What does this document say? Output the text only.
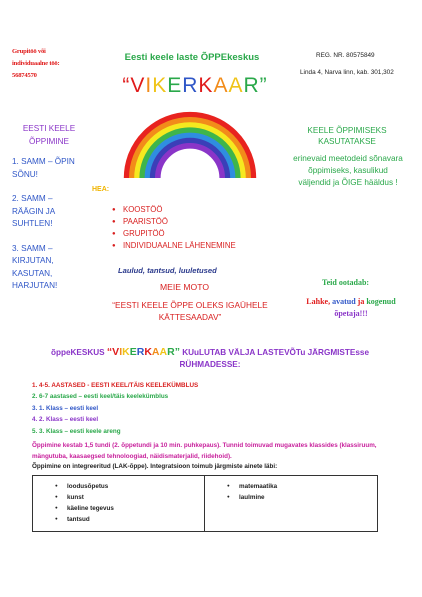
Grupitöö või
individuaalne töö:
56874570
Eesti keele laste ÕPPEkeskus	REG. NR. 80575849
Linda 4, Narva linn, kab. 301,302
“VIKERKAAR”
EESTI KEELE ÕPPIMINE
1. SAMM – ÕPIN SÕNU!
2. SAMM – RÄÄGIN JA SUHTLEN!
3. SAMM – KIRJUTAN, KASUTAN, HARJUTAN!
KEELE ÕPPIMISEKS KASUTATAKSE
erinevaid meetodeid sõnavara õppimiseks, kasulikud väljendid ja ÕIGE hääldus !
HEA:
● KOOSTÖÖ
● PAARISTÖÖ
● GRUPITÖÖ
● INDIVIDUAALNE LÄHENEMINE
Laulud, tantsud, luuletused
Teid ootadab:
Lahke, avatud ja kogenud õpetaja!!!
MEIE MOTO
“EESTI KEELE ÕPPE OLEKS IGAÜHELE KÄTTESAADAV”
õppeKESKUS “VIKERKAAR” KUuLUTAB VÄLJA LASTEVÕTu JÄRGMISTEsse
RÜHMADESSE:
1. 4-5. AASTASED - EESTI KEEL/TÄIS KEELEKÜMBLUS
2. 6-7 aastased – eesti keel/täis keelekümblus
3. 1. Klass – eesti keel
4. 2. Klass – eesti keel
5. 3. Klass – eesti keele areng
Õppimine kestab 1,5 tundi (2. õppetundi ja 10 min. puhkepaus). Tunnid toimuvad mugavates klassides (klassiruum, mängutuba, kaasaegsed tehnoloogiad, näidismaterjalid, riidehoid).
Õppimine on integreeritud (LAK-õppe). Integratsioon toimub järgmiste ainete läbi:
● loodusõpetus
● kunst
● käeline tegevus
● tantsud
● matemaatika
● laulmine
